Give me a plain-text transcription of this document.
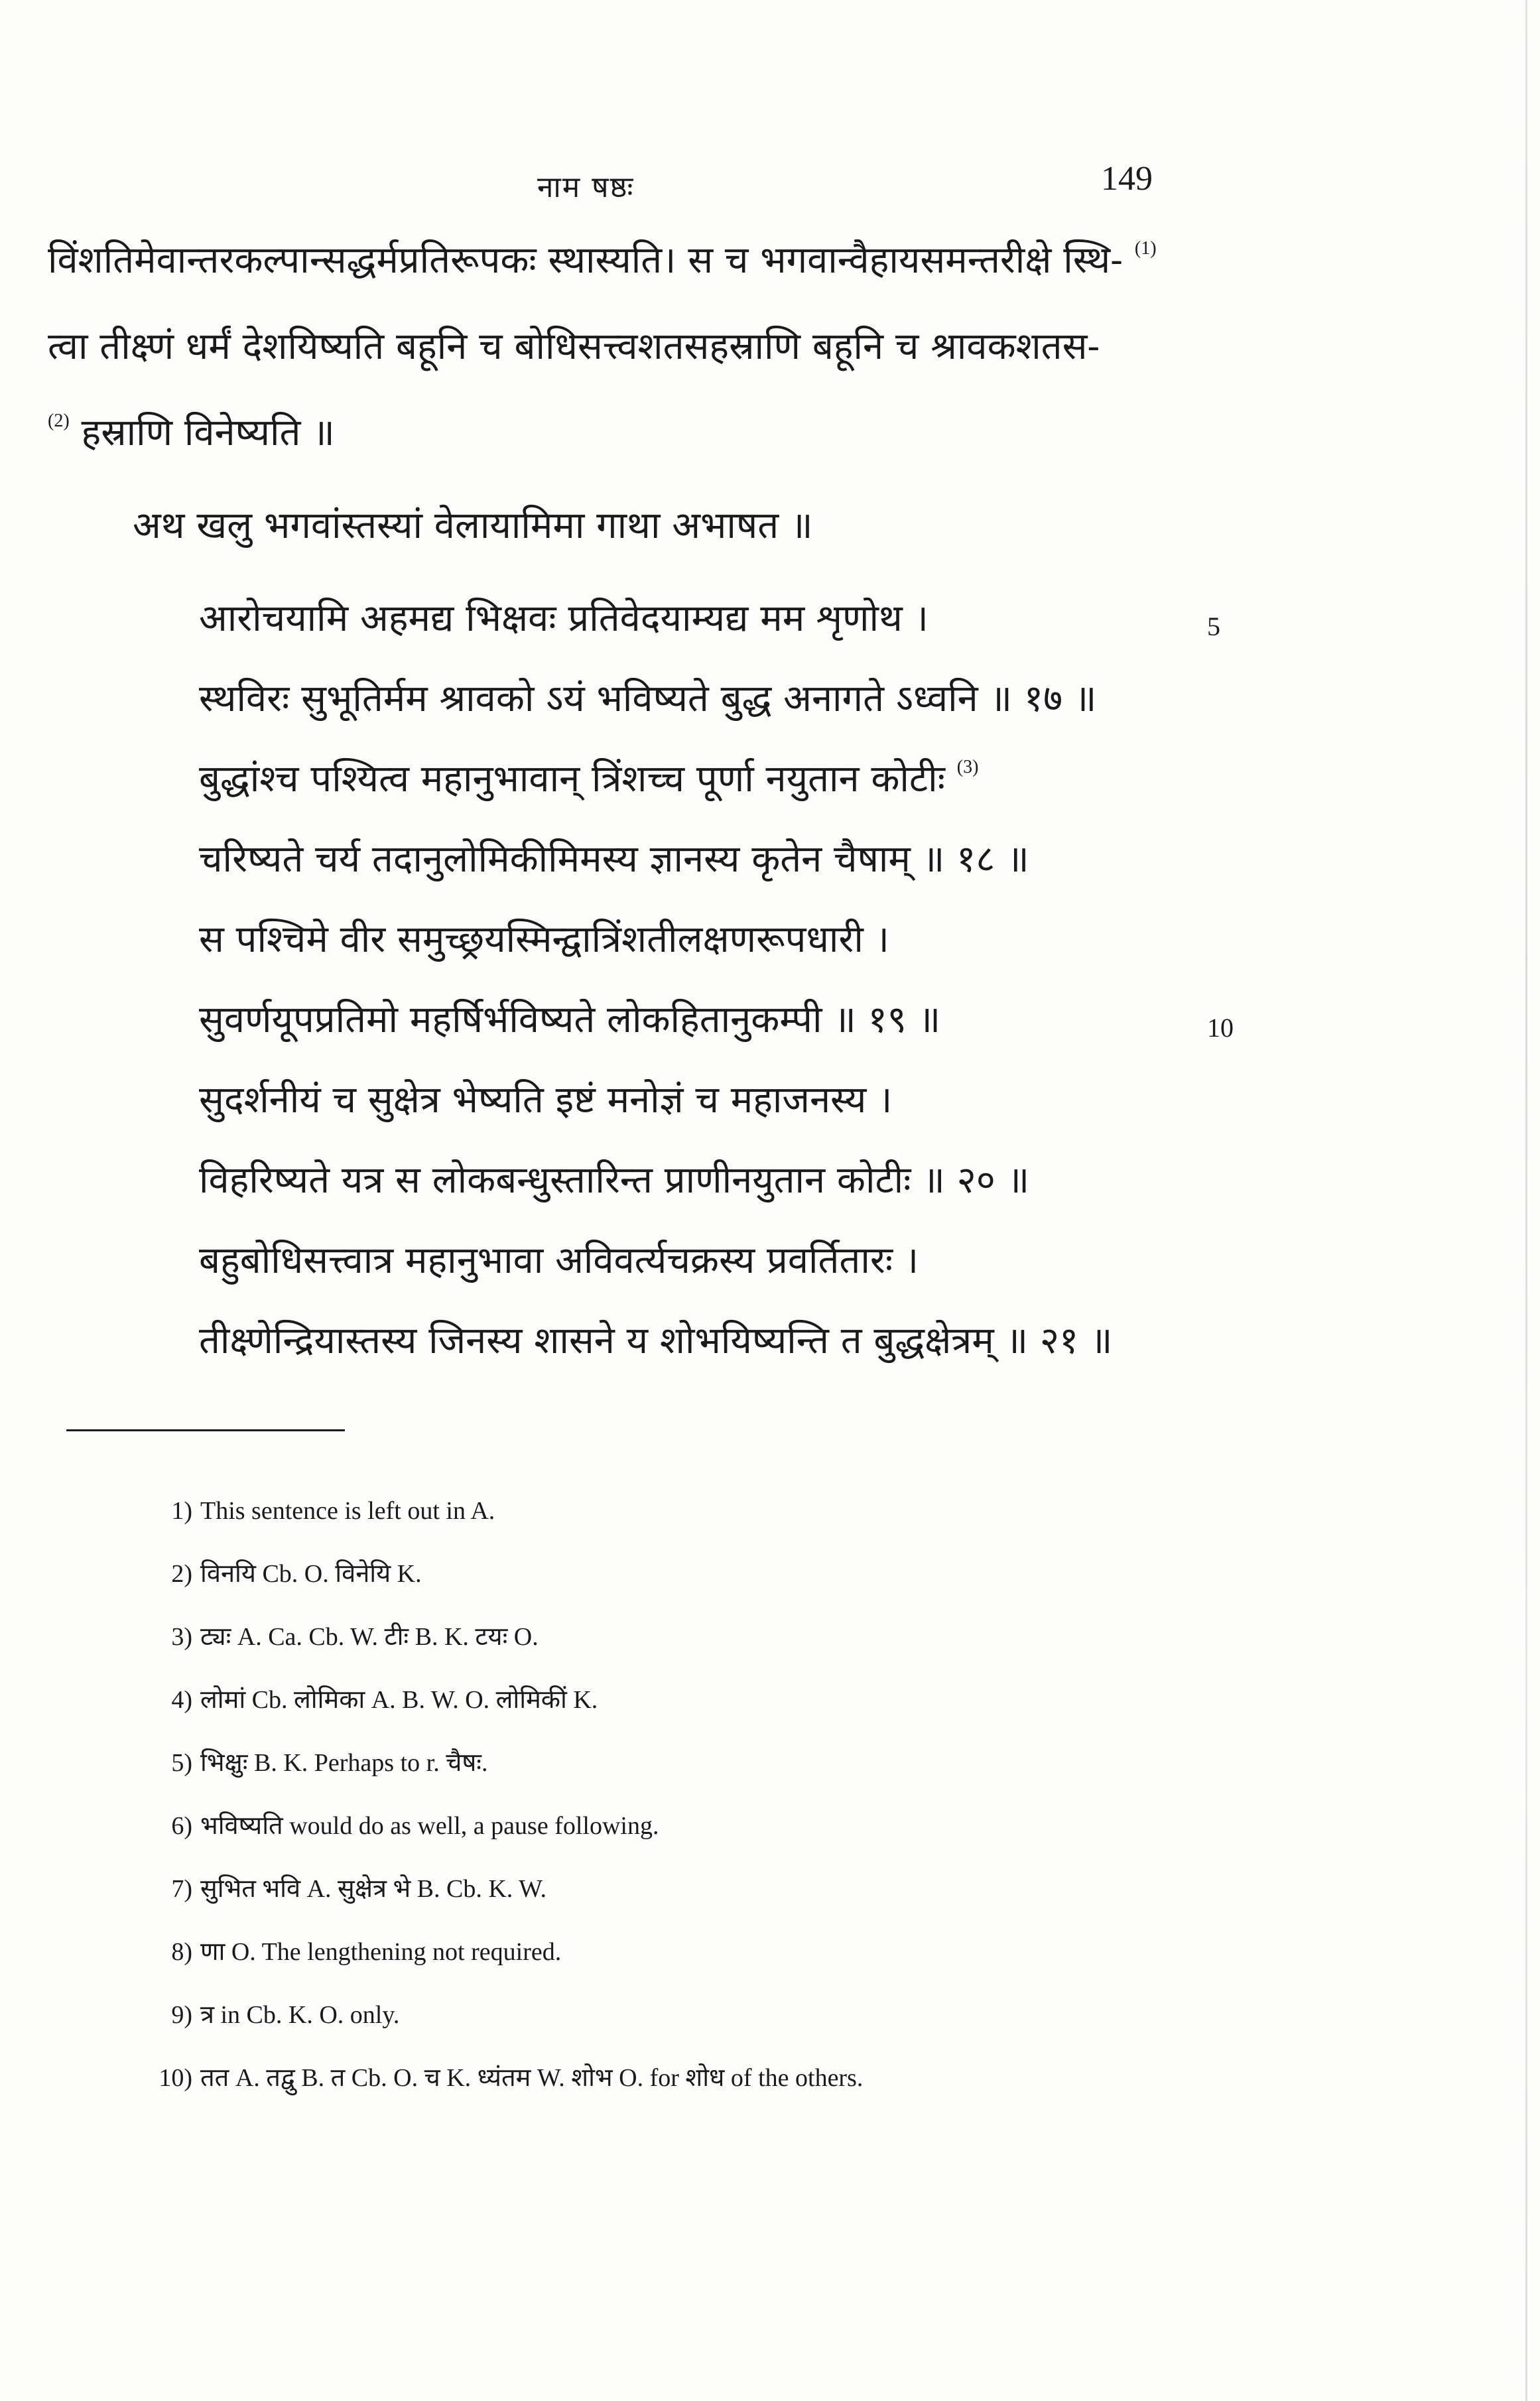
नाम षष्ठः	149
विंशतिमेवान्तरकल्पान्सद्धर्मप्रतिरूपकः स्थास्यति। स च भगवान्वैहायसमन्तरीक्षे स्थि- $^{(1)}$
त्वा तीक्ष्णं धर्मं देशयिष्यति बहूनि च बोधिसत्त्वशतसहस्राणि बहूनि च श्रावकशतस-
$^{(2)}$ हस्राणि विनेष्यति ॥
अथ खलु भगवांस्तस्यां वेलायामिमा गाथा अभाषत ॥
आरोचयामि अहमद्य भिक्षवः प्रतिवेदयाम्यद्य मम शृणोथ ।	5
स्थविरः सुभूतिर्मम श्रावको ऽयं भविष्यते बुद्ध अनागते ऽध्वनि ॥ १७ ॥
बुद्धांश्च पश्यित्व महानुभावान् त्रिंशच्च पूर्णा नयुतान कोटीः $^{(3)}$
चरिष्यते चर्य तदानुलोमिकीमिमस्य ज्ञानस्य कृतेन चैषाम् ॥ १८ ॥
स पश्चिमे वीर समुच्छ्रयस्मिन्द्वात्रिंशतीलक्षणरूपधारी ।
सुवर्णयूपप्रतिमो महर्षिर्भविष्यते लोकहितानुकम्पी ॥ १९ ॥	10
सुदर्शनीयं च सुक्षेत्र भेष्यति इष्टं मनोज्ञं च महाजनस्य ।
विहरिष्यते यत्र स लोकबन्धुस्तारिन्त प्राणीनयुतान कोटीः ॥ २० ॥
बहुबोधिसत्त्वात्र महानुभावा अविवर्त्यचक्रस्य प्रवर्तितारः ।
तीक्ष्णेन्द्रियास्तस्य जिनस्य शासने य शोभयिष्यन्ति त बुद्धक्षेत्रम् ॥ २१ ॥
1) This sentence is left out in A.
2) विनयि Cb. O. विनेयि K.
3) ट्यः A. Ca. Cb. W. टीः B. K. टयः O.
4) लोमां Cb. लोमिका A. B. W. O. लोमिकीं K.
5) भिक्षुः B. K. Perhaps to r. चैषः.
6) भविष्यति would do as well, a pause following.
7) सुभित भवि A. सुक्षेत्र भे B. Cb. K. W.
8) णा O. The lengthening not required.
9) त्र in Cb. K. O. only.
10) तत A. तद्वु B. त Cb. O. च K. ध्यंतम W. शोभ O. for शोध of the others.
